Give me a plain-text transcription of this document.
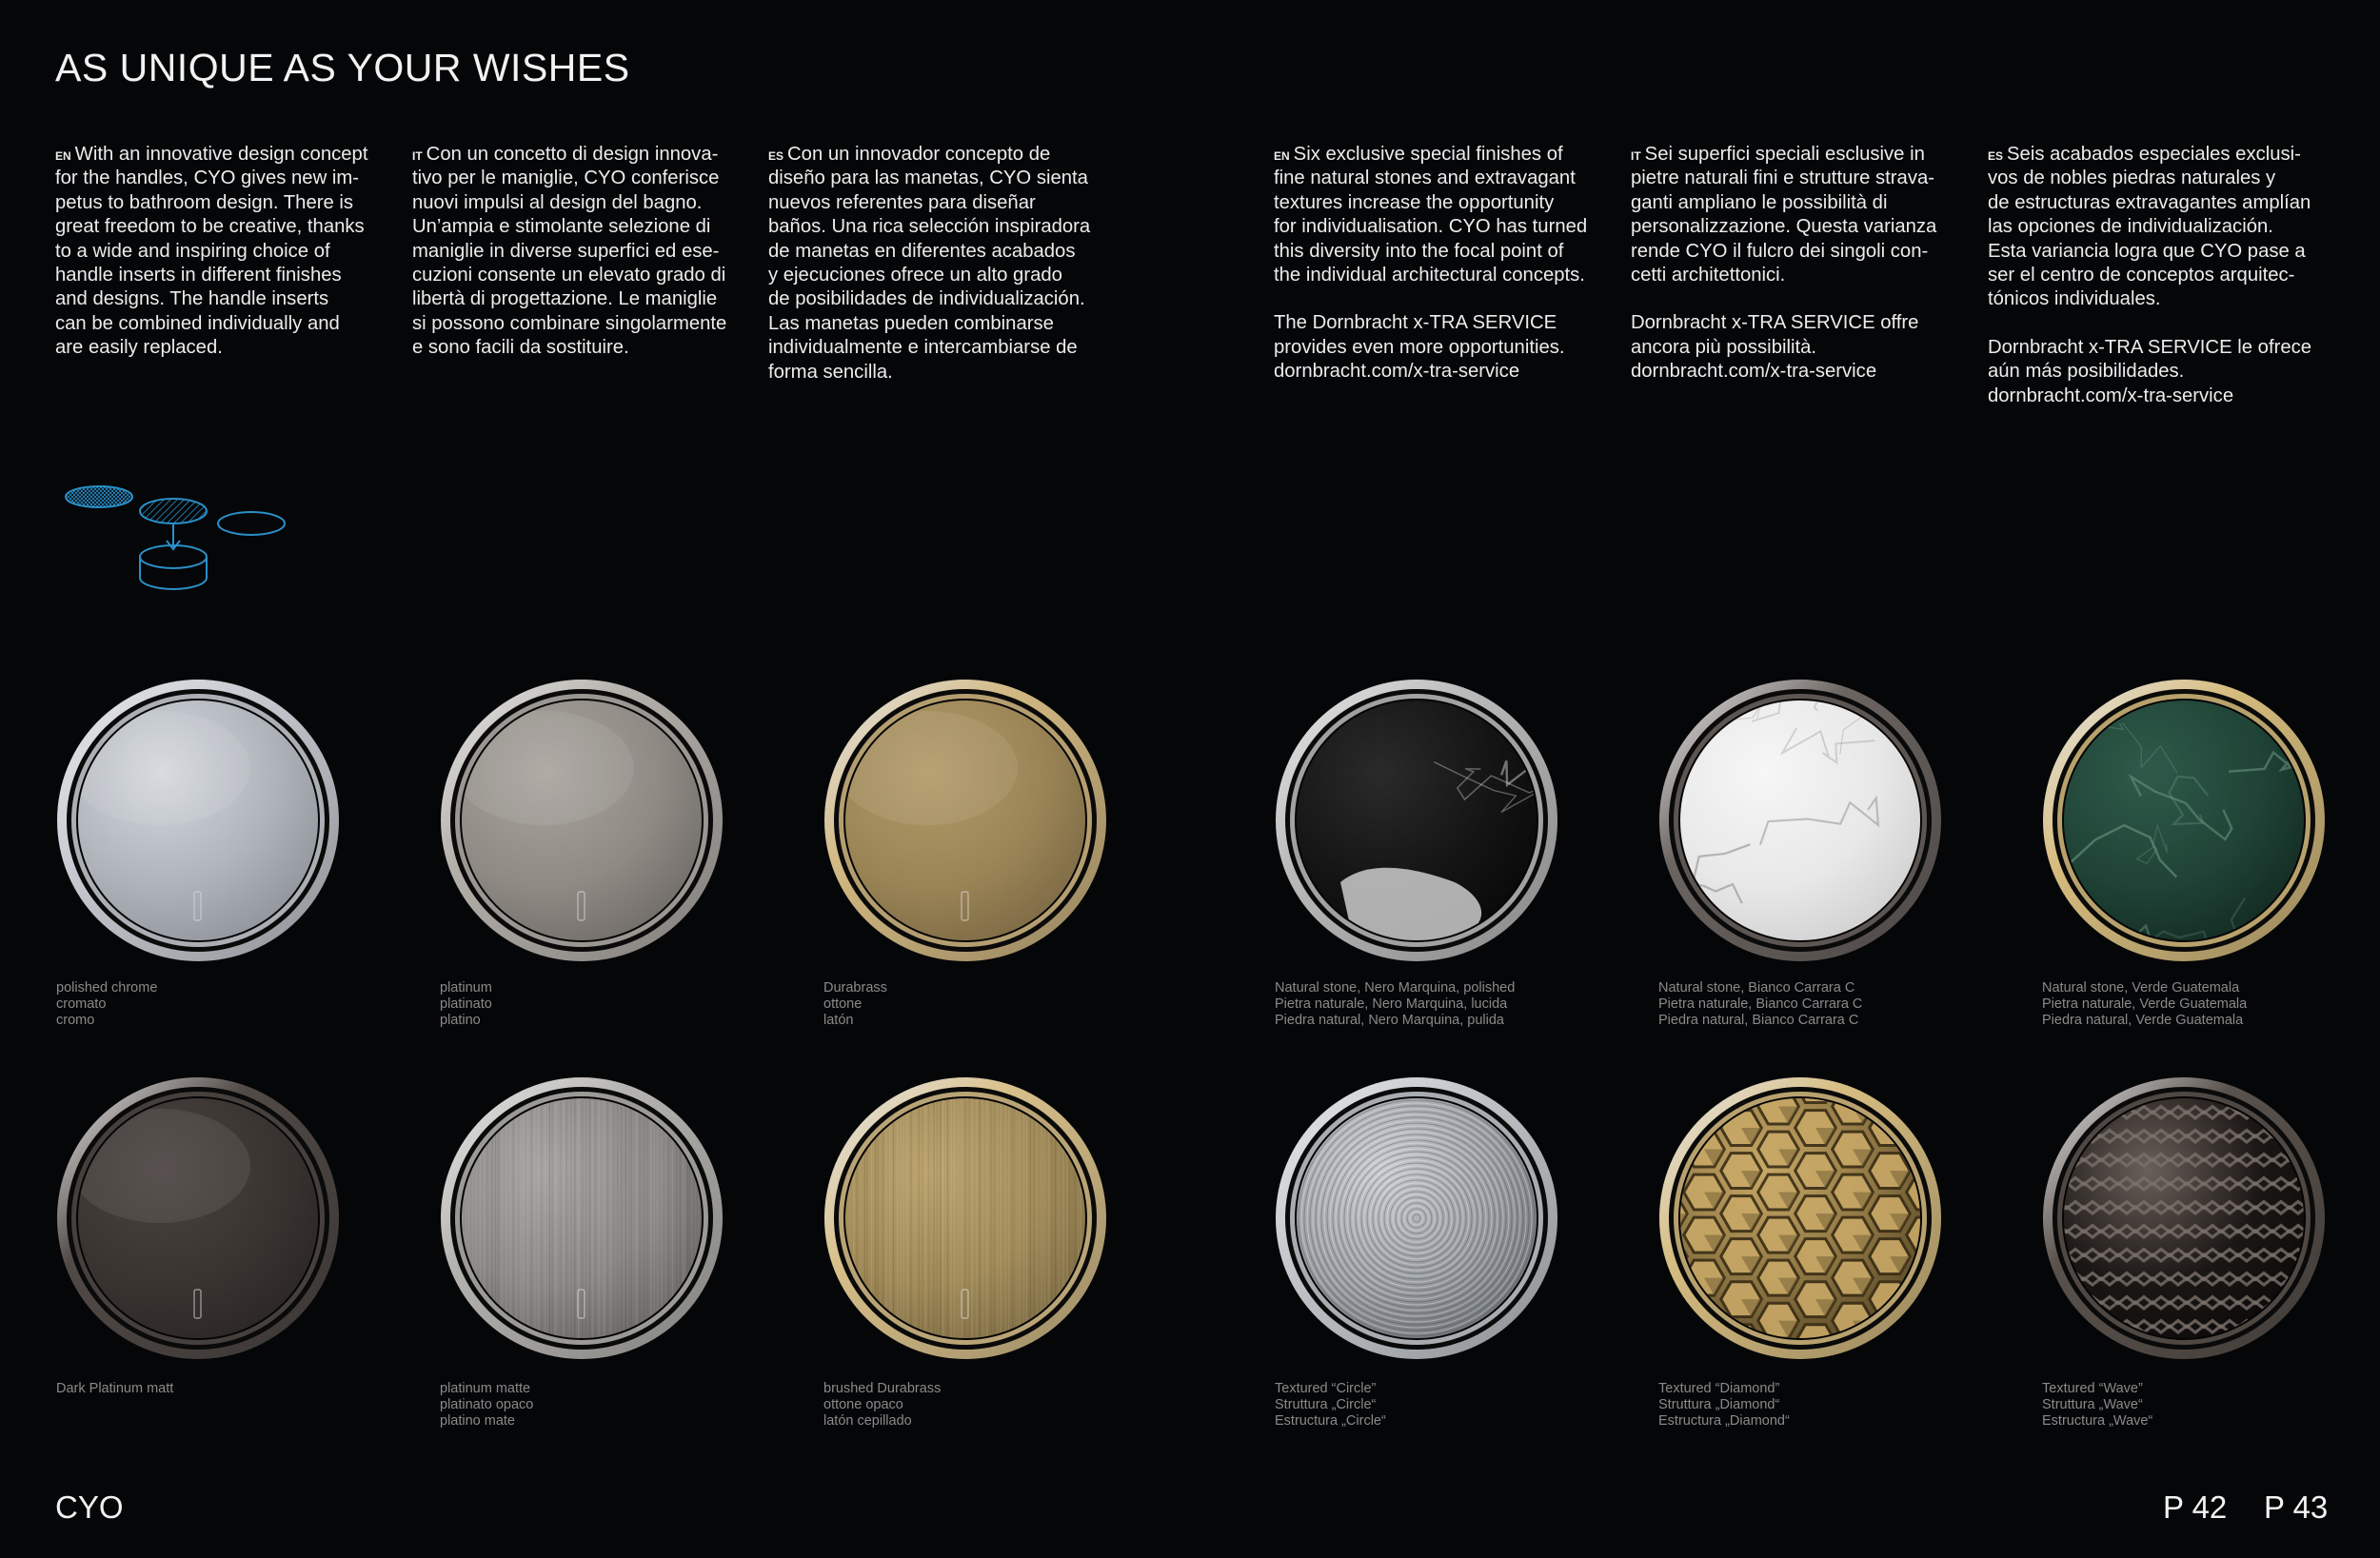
AS UNIQUE AS YOUR WISHES

$^{EN}$ With an innovative design concept
for the handles, CYO gives new im-
petus to bathroom design. There is
great freedom to be creative, thanks
to a wide and inspiring choice of
handle inserts in different finishes
and designs. The handle inserts
can be combined individually and
are easily replaced.

$^{IT}$ Con un concetto di design innova-
tivo per le maniglie, CYO conferisce
nuovi impulsi al design del bagno.
Un’ampia e stimolante selezione di
maniglie in diverse superfici ed ese-
cuzioni consente un elevato grado di
libertà di progettazione. Le maniglie
si possono combinare singolarmente
e sono facili da sostituire.

$^{ES}$ Con un innovador concepto de
diseño para las manetas, CYO sienta
nuevos referentes para diseñar
baños. Una rica selección inspiradora
de manetas en diferentes acabados
y ejecuciones ofrece un alto grado
de posibilidades de individualización.
Las manetas pueden combinarse
individualmente e intercambiarse de
forma sencilla.

$^{EN}$ Six exclusive special finishes of
fine natural stones and extravagant
textures increase the opportunity
for individualisation. CYO has turned
this diversity into the focal point of
the individual architectural concepts.

The Dornbracht x-TRA SERVICE
provides even more opportunities.
dornbracht.com/x-tra-service

$^{IT}$ Sei superfici speciali esclusive in
pietre naturali fini e strutture strava-
ganti ampliano le possibilità di
personalizzazione. Questa varianza
rende CYO il fulcro dei singoli con-
cetti architettonici.

Dornbracht x-TRA SERVICE offre
ancora più possibilità.
dornbracht.com/x-tra-service

$^{ES}$ Seis acabados especiales exclusi-
vos de nobles piedras naturales y
de estructuras extravagantes amplían
las opciones de individualización.
Esta variancia logra que CYO pase a
ser el centro de conceptos arquitec-
tónicos individuales.

Dornbracht x-TRA SERVICE le ofrece
aún más posibilidades.
dornbracht.com/x-tra-service

polished chrome
cromato
cromo
platinum
platinato
platino
Durabrass
ottone
latón
Natural stone, Nero Marquina, polished
Pietra naturale, Nero Marquina, lucida
Piedra natural, Nero Marquina, pulida
Natural stone, Bianco Carrara C
Pietra naturale, Bianco Carrara C
Piedra natural, Bianco Carrara C
Natural stone, Verde Guatemala
Pietra naturale, Verde Guatemala
Piedra natural, Verde Guatemala
Dark Platinum matt	platinum matte
platinato opaco
platino mate
brushed Durabrass
ottone opaco
latón cepillado
Textured “Circle”
Struttura „Circle“
Estructura „Circle“
Textured “Diamond”
Struttura „Diamond“
Estructura „Diamond“
Textured “Wave”
Struttura „Wave“
Estructura „Wave“
CYO	P 42 P 43
